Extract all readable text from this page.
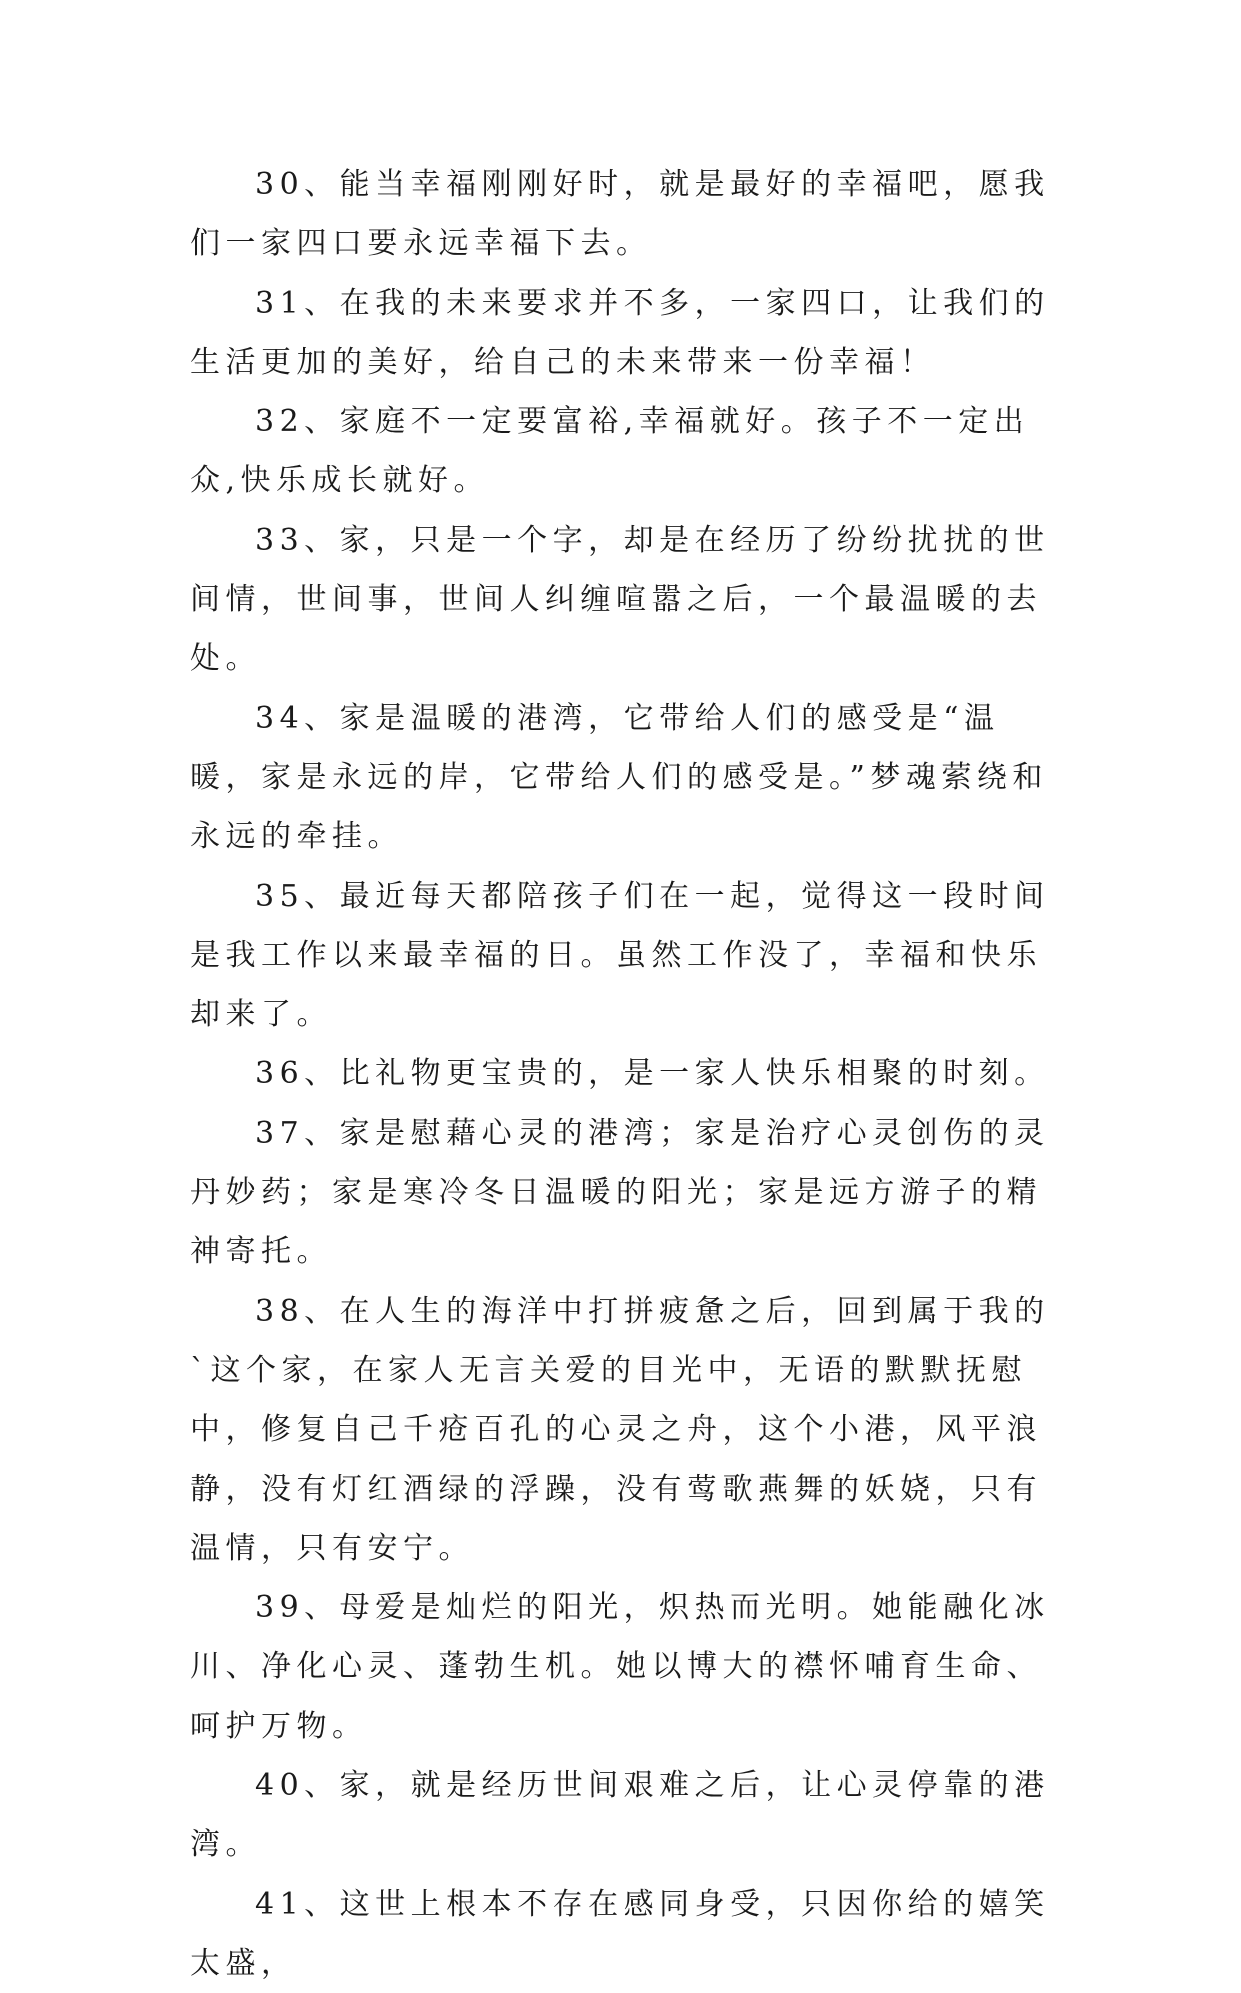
30、能当幸福刚刚好时，就是最好的幸福吧，愿我们一家四口要永远幸福下去。

31、在我的未来要求并不多，一家四口，让我们的生活更加的美好，给自己的未来带来一份幸福！

32、家庭不一定要富裕,幸福就好。孩子不一定出众,快乐成长就好。

33、家，只是一个字，却是在经历了纷纷扰扰的世间情，世间事，世间人纠缠喧嚣之后，一个最温暖的去处。

34、家是温暖的港湾，它带给人们的感受是“温暖，家是永远的岸，它带给人们的感受是。”梦魂萦绕和永远的牵挂。

35、最近每天都陪孩子们在一起，觉得这一段时间是我工作以来最幸福的日。虽然工作没了，幸福和快乐却来了。

36、比礼物更宝贵的，是一家人快乐相聚的时刻。

37、家是慰藉心灵的港湾；家是治疗心灵创伤的灵丹妙药；家是寒冷冬日温暖的阳光；家是远方游子的精神寄托。

38、在人生的海洋中打拼疲惫之后，回到属于我的`这个家，在家人无言关爱的目光中，无语的默默抚慰中，修复自己千疮百孔的心灵之舟，这个小港，风平浪静，没有灯红酒绿的浮躁，没有莺歌燕舞的妖娆，只有温情，只有安宁。

39、母爱是灿烂的阳光，炽热而光明。她能融化冰川、净化心灵、蓬勃生机。她以博大的襟怀哺育生命、呵护万物。

40、家，就是经历世间艰难之后，让心灵停靠的港湾。

41、这世上根本不存在感同身受，只因你给的嬉笑太盛，
